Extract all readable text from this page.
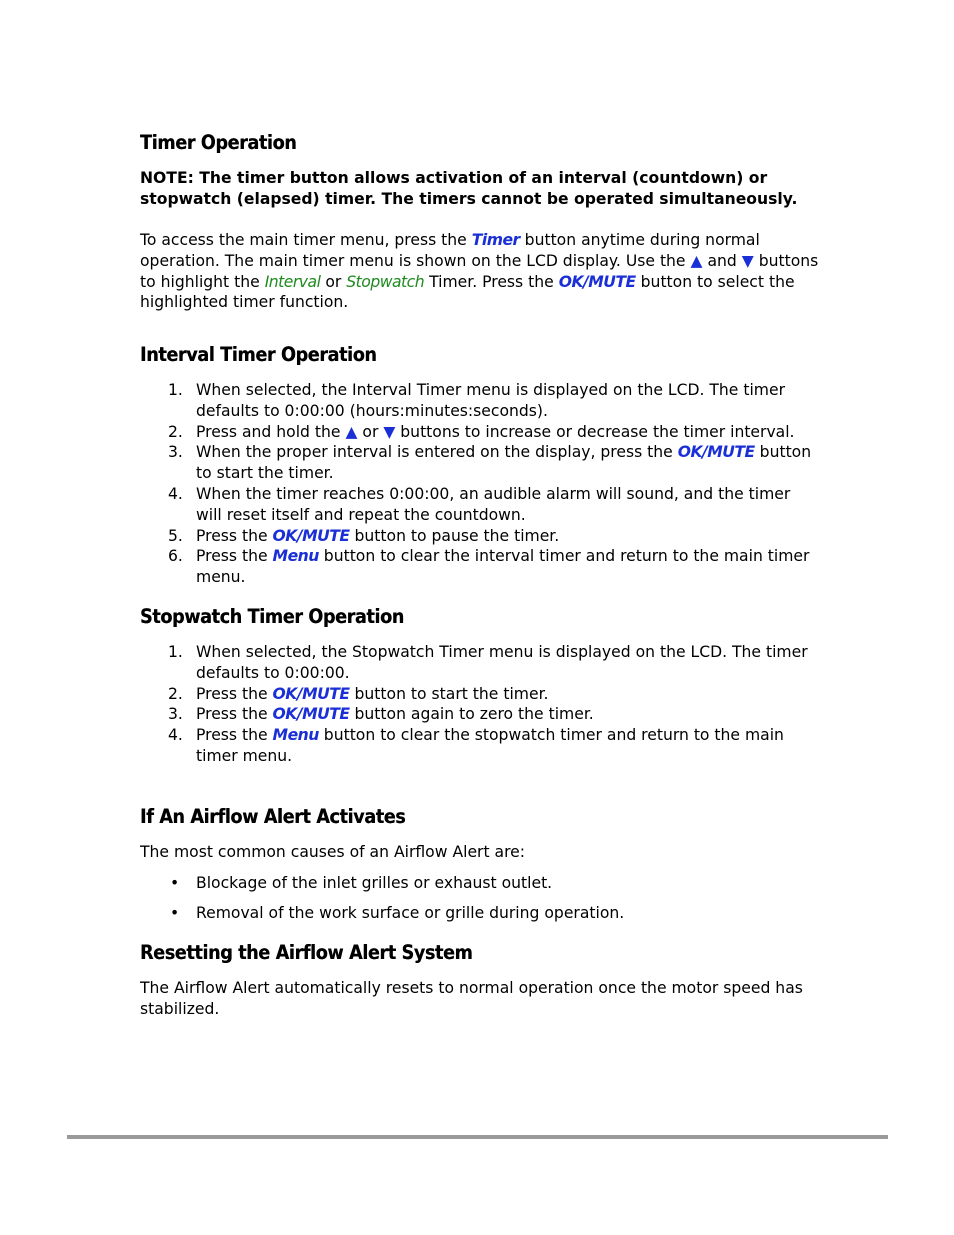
Timer Operation

NOTE: The timer button allows activation of an interval (countdown) or stopwatch (elapsed) timer. The timers cannot be operated simultaneously.

To access the main timer menu, press the Timer button anytime during normal operation. The main timer menu is shown on the LCD display. Use the ▲ and ▼ buttons to highlight the Interval or Stopwatch Timer. Press the OK/MUTE button to select the highlighted timer function.

Interval Timer Operation
1. When selected, the Interval Timer menu is displayed on the LCD. The timer defaults to 0:00:00 (hours:minutes:seconds).
2. Press and hold the ▲ or ▼ buttons to increase or decrease the timer interval.
3. When the proper interval is entered on the display, press the OK/MUTE button to start the timer.
4. When the timer reaches 0:00:00, an audible alarm will sound, and the timer will reset itself and repeat the countdown.
5. Press the OK/MUTE button to pause the timer.
6. Press the Menu button to clear the interval timer and return to the main timer menu.
Stopwatch Timer Operation
1. When selected, the Stopwatch Timer menu is displayed on the LCD. The timer defaults to 0:00:00.
2. Press the OK/MUTE button to start the timer.
3. Press the OK/MUTE button again to zero the timer.
4. Press the Menu button to clear the stopwatch timer and return to the main timer menu.
If An Airflow Alert Activates

The most common causes of an Airflow Alert are:

• Blockage of the inlet grilles or exhaust outlet.
• Removal of the work surface or grille during operation.
Resetting the Airflow Alert System

The Airflow Alert automatically resets to normal operation once the motor speed has stabilized.
